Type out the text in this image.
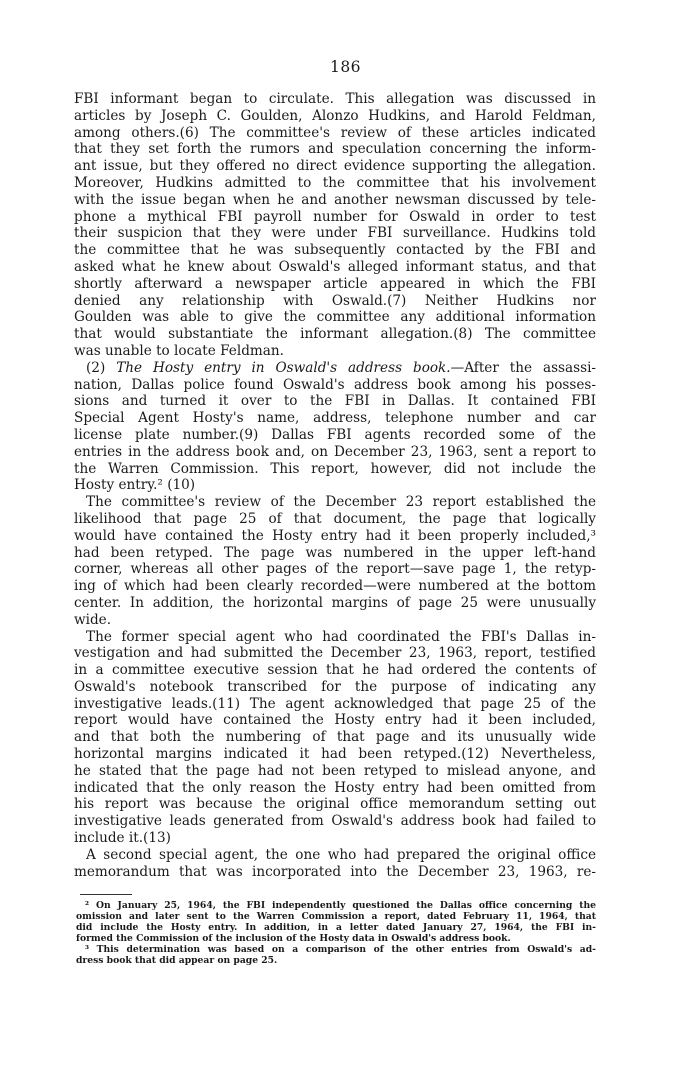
186
FBI informant began to circulate. This allegation was discussed in
articles by Joseph C. Goulden, Alonzo Hudkins, and Harold Feldman,
among others.(6) The committee's review of these articles indicated
that they set forth the rumors and speculation concerning the inform-
ant issue, but they offered no direct evidence supporting the allegation.
Moreover, Hudkins admitted to the committee that his involvement
with the issue began when he and another newsman discussed by tele-
phone a mythical FBI payroll number for Oswald in order to test
their suspicion that they were under FBI surveillance. Hudkins told
the committee that he was subsequently contacted by the FBI and
asked what he knew about Oswald's alleged informant status, and that
shortly afterward a newspaper article appeared in which the FBI
denied any relationship with Oswald.(7) Neither Hudkins nor
Goulden was able to give the committee any additional information
that would substantiate the informant allegation.(8) The committee
was unable to locate Feldman.
(2) The Hosty entry in Oswald's address book.—After the assassi-
nation, Dallas police found Oswald's address book among his posses-
sions and turned it over to the FBI in Dallas. It contained FBI
Special Agent Hosty's name, address, telephone number and car
license plate number.(9) Dallas FBI agents recorded some of the
entries in the address book and, on December 23, 1963, sent a report to
the Warren Commission. This report, however, did not include the
Hosty entry.² (10)
The committee's review of the December 23 report established the
likelihood that page 25 of that document, the page that logically
would have contained the Hosty entry had it been properly included,³
had been retyped. The page was numbered in the upper left-hand
corner, whereas all other pages of the report—save page 1, the retyp-
ing of which had been clearly recorded—were numbered at the bottom
center. In addition, the horizontal margins of page 25 were unusually
wide.
The former special agent who had coordinated the FBI's Dallas in-
vestigation and had submitted the December 23, 1963, report, testified
in a committee executive session that he had ordered the contents of
Oswald's notebook transcribed for the purpose of indicating any
investigative leads.(11) The agent acknowledged that page 25 of the
report would have contained the Hosty entry had it been included,
and that both the numbering of that page and its unusually wide
horizontal margins indicated it had been retyped.(12) Nevertheless,
he stated that the page had not been retyped to mislead anyone, and
indicated that the only reason the Hosty entry had been omitted from
his report was because the original office memorandum setting out
investigative leads generated from Oswald's address book had failed to
include it.(13)
A second special agent, the one who had prepared the original office
memorandum that was incorporated into the December 23, 1963, re-
² On January 25, 1964, the FBI independently questioned the Dallas office concerning the
omission and later sent to the Warren Commission a report, dated February 11, 1964, that
did include the Hosty entry. In addition, in a letter dated January 27, 1964, the FBI in-
formed the Commission of the inclusion of the Hosty data in Oswald's address book.
³ This determination was based on a comparison of the other entries from Oswald's ad-
dress book that did appear on page 25.
